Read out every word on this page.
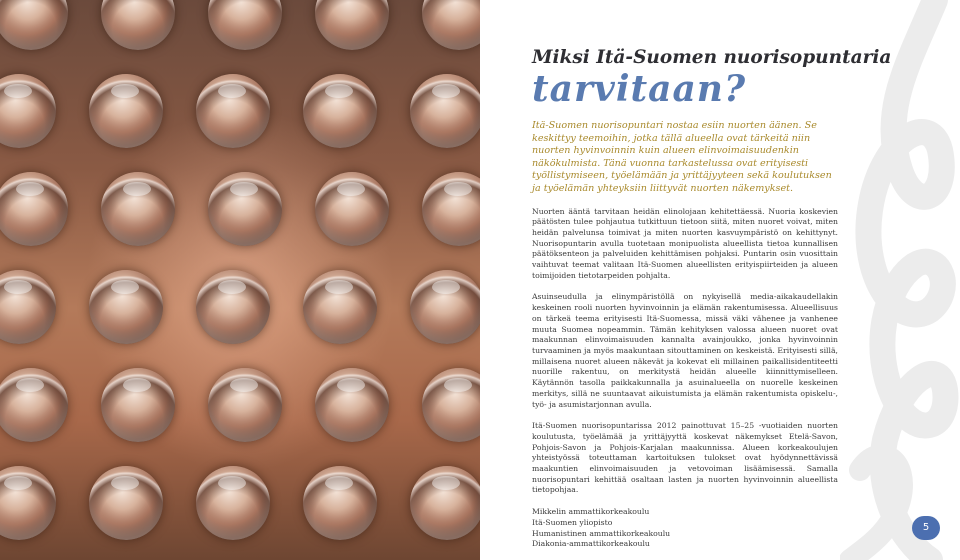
Miksi Itä-Suomen nuorisopuntaria
tarvitaan?

Itä-Suomen nuorisopuntari nostaa esiin nuorten äänen. Se keskittyy teemoihin, jotka tällä alueella ovat tärkeitä niin nuorten hyvinvoinnin kuin alueen elinvoimaisuudenkin näkökulmista. Tänä vuonna tarkastelussa ovat erityisesti työllistymiseen, työelämään ja yrittäjyyteen sekä koulutuksen ja työelämän yhteyksiin liittyvät nuorten näkemykset.

Nuorten ääntä tarvitaan heidän elinoloja​an kehitettäessä. Nuoria koskevien päätösten tulee pohjautua tutkittuun tietoon siitä, miten nuoret voivat, miten heidän palvelunsa toimivat ja miten nuorten kasvuympäristö on kehittynyt. Nuorisopuntarin avulla tuotetaan monipuolista alueellista tietoa kunnallisen päätöksenteon ja palveluiden kehittämisen pohjaksi. Puntarin osin vuosittain vaihtuvat teemat valitaan Itä-Suomen alueellisten erityispiirteiden ja alueen toimijoiden tietotarpeiden pohjalta.

Asuinseudulla ja elinympäristöllä on nykyisellä media-aikakaudellakin keskeinen rooli nuorten hyvinvoinnin ja elämän rakentumisessa. Alueellisuus on tärkeä teema erityisesti Itä-Suomessa, missä väki vähenee ja vanhenee muuta Suomea nopeammin. Tämän kehityksen valossa alueen nuoret ovat maakunnan elinvoimaisuuden kannalta avainjoukko, jonka hyvinvoinnin turvaaminen ja myös maakuntaan sitouttaminen on keskeistä. Erityisesti sillä, millaisena nuoret alueen näkevät ja kokevat eli millainen paikallisidentiteetti nuorille rakentuu, on merkitystä heidän alueelle kiinnittymiselleen. Käytännön tasolla paikkakunnalla ja asuinalueella on nuorelle keskeinen merkitys, sillä ne suuntaavat aikuistumista ja elämän rakentumista opiskelu-, työ- ja asumistarjonnan avulla.

Itä-Suomen nuorisopuntarissa 2012 painottuvat 15–25 -vuotiaiden nuorten koulutusta, työelämää ja yrittäjyyttä koskevat näkemykset Etelä-Savon, Pohjois-Savon ja Pohjois-Karjalan maakunnissa. Alueen korkeakoulujen yhteistyössä toteuttaman kartoituksen tulokset ovat hyödynnettävissä maakuntien elinvoimaisuuden ja vetovoiman lisäämisessä. Samalla nuorisopuntari kehittää osaltaan lasten ja nuorten hyvinvoinnin alueellista tietopohjaa.

Mikkelin ammattikorkeakoulu
Itä-Suomen yliopisto
Humanistinen ammattikorkeakoulu
Diakonia-ammattikorkeakoulu
5
